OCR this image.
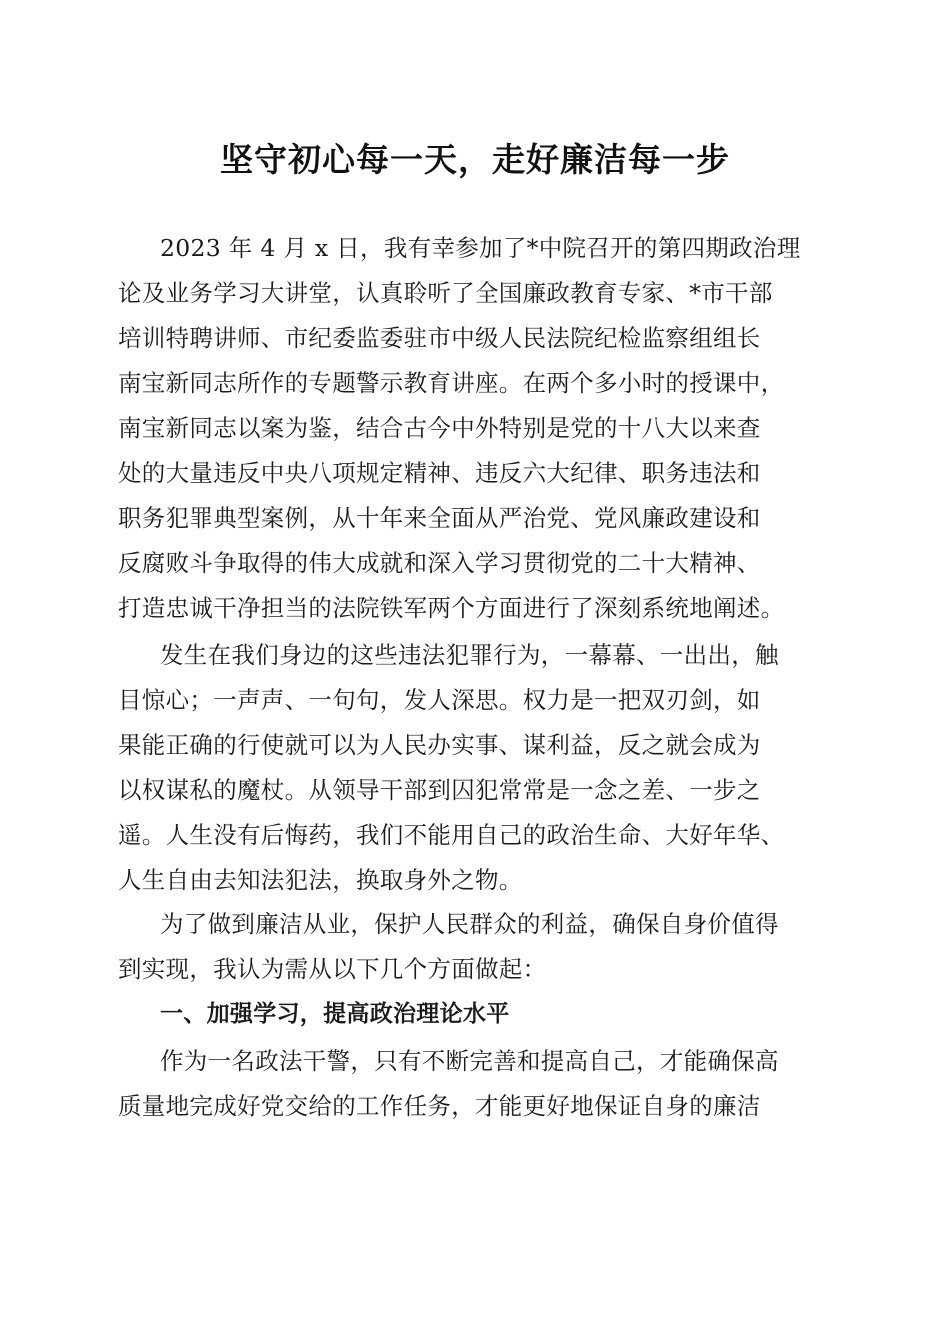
坚守初心每一天，走好廉洁每一步
2023 年 4 月 x 日，我有幸参加了*中院召开的第四期政治理
论及业务学习大讲堂，认真聆听了全国廉政教育专家、*市干部
培训特聘讲师、市纪委监委驻市中级人民法院纪检监察组组长
南宝新同志所作的专题警示教育讲座。在两个多小时的授课中，
南宝新同志以案为鉴，结合古今中外特别是党的十八大以来查
处的大量违反中央八项规定精神、违反六大纪律、职务违法和
职务犯罪典型案例，从十年来全面从严治党、党风廉政建设和
反腐败斗争取得的伟大成就和深入学习贯彻党的二十大精神、
打造忠诚干净担当的法院铁军两个方面进行了深刻系统地阐述。
发生在我们身边的这些违法犯罪行为，一幕幕、一出出，触
目惊心；一声声、一句句，发人深思。权力是一把双刃剑，如
果能正确的行使就可以为人民办实事、谋利益，反之就会成为
以权谋私的魔杖。从领导干部到囚犯常常是一念之差、一步之
遥。人生没有后悔药，我们不能用自己的政治生命、大好年华、
人生自由去知法犯法，换取身外之物。
为了做到廉洁从业，保护人民群众的利益，确保自身价值得
到实现，我认为需从以下几个方面做起：
一、加强学习，提高政治理论水平
作为一名政法干警，只有不断完善和提高自己，才能确保高
质量地完成好党交给的工作任务，才能更好地保证自身的廉洁
